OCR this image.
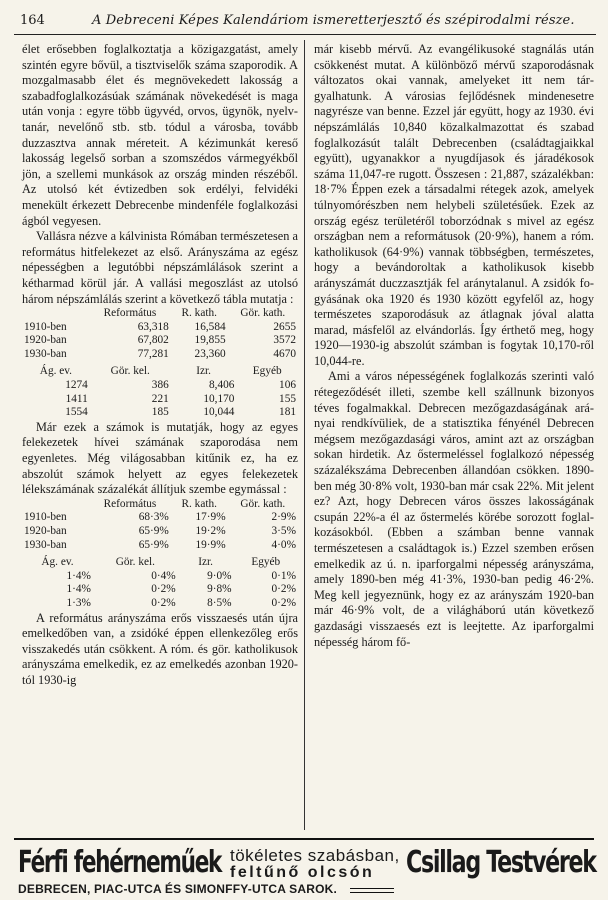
164	A Debreceni Képes Kalendáriom ismeretterjesztő és szépirodalmi része.

élet erősebben foglalkoztatja a közigazgatást, amely szintén egyre bővül, a tisztviselők száma szaporodik. A mozgalmasabb élet és megnövekedett lakosság a szabadfoglalkozásúak számának növekedését is maga után vonja : egyre több ügyvéd, orvos, ügynök, nyelvtanár, nevelőnő stb. stb. tódul a városba, tovább duzzasztva annak méreteit. A kézimunkát kereső lakosság legelső sorban a szomszédos vármegyékből jön, a szellemi munkások az ország minden részéből. Az utolsó két évtizedben sok erdélyi, felvidéki menekült érkezett Debrecenbe mindenféle foglalkozási ágból vegyesen.

Vallásra nézve a kálvinista Rómában természetesen a református hitfelekezet az első. Arányszáma az egész népességben a legutóbbi népszámlálások szerint a kétharmad körül jár. A vallási megoszlást az utolsó három népszámlálás szerint a következő tábla mutatja :

	Református	R. kath.	Gör. kath.
1910-ben	63,318	16,584	2655
1920-ban	67,802	19,855	3572
1930-ban	77,281	23,360	4670
Ág. ev.	Gör. kel.	Izr.	Egyéb
1274	386	8,406	106
1411	221	10,170	155
1554	185	10,044	181

Már ezek a számok is mutatják, hogy az egyes felekezetek hívei számának szaporodása nem egyenletes. Még világosabban kitűnik ez, ha ez abszolút számok helyett az egyes felekezetek lélekszámának százalékát állítjuk szembe egymással :

	Református	R. kath.	Gör. kath.
1910-ben	68·3%	17·9%	2·9%
1920-ban	65·9%	19·2%	3·5%
1930-ban	65·9%	19·9%	4·0%
Ág. ev.	Gör. kel.	Izr.	Egyéb
1·4%	0·4%	9·0%	0·1%
1·4%	0·2%	9·8%	0·2%
1·3%	0·2%	8·5%	0·2%

A református arányszáma erős visszaesés után újra emelkedőben van, a zsidóké éppen ellenkezőleg erős visszakedés után csökkent. A róm. és gör. katholikusok arányszáma emelkedik, ez az emelkedés azonban 1920-tól 1930-ig

már kisebb mérvű. Az evangélikusoké stagnálás után csökkenést mutat. A különböző mérvű szaporodásnak változatos okai vannak, amelyeket itt nem tárgyalhatunk. A városias fejlődésnek mindenesetre nagyrésze van benne. Ezzel jár együtt, hogy az 1930. évi népszámlálás 10,840 közalkalmazottat és szabad foglalkozásút talált Debrecenben (családtagjaikkal együtt), ugyanakkor a nyugdíjasok és járadékosok száma 11,047-re rugott. Összesen : 21,887, százalékban: 18·7% Éppen ezek a társadalmi rétegek azok, amelyek túlnyomórészben nem helybeli születésűek. Ezek az ország egész területéről toborzódnak s mivel az egész országban nem a reformátusok (20·9%), hanem a róm. katholikusok (64·9%) vannak többségben, természetes, hogy a bevándoroltak a katholikusok kisebb arányszámát duczzasztják fel aránytalanul. A zsidók fogyásának oka 1920 és 1930 között egyfelől az, hogy természetes szaporodásuk az átlagnak jóval alatta marad, másfelől az elvándorlás. Így érthető meg, hogy 1920—1930-ig abszolút számban is fogytak 10,170-ről 10,044-re.

Ami a város népességének foglalkozás szerinti való rétegeződését illeti, szembe kell szállnunk bizonyos téves fogalmakkal. Debrecen mezőgazdaságának arányai rendkívüliek, de a statisztika fényénél Debrecen mégsem mezőgazdasági város, amint azt az országban sokan hirdetik. Az őstermeléssel foglalkozó népesség százalékszáma Debrecenben állandóan csökken. 1890-ben még 30·8% volt, 1930-ban már csak 22%. Mit jelent ez? Azt, hogy Debrecen város összes lakosságának csupán 22%-a él az őstermelés körébe sorozott foglalkozásokból. (Ebben a számban benne vannak természetesen a családtagok is.) Ezzel szemben erősen emelkedik az ú. n. iparforgalmi népesség arányszáma, amely 1890-ben még 41·3%, 1930-ban pedig 46·2%. Meg kell jegyeznünk, hogy ez az arányszám 1920-ban már 46·9% volt, de a világháború után következő gazdasági visszaesés ezt is leejtette. Az iparforgalmi népesség három fő-

Férfi fehérneműek tökéletes szabásban,
feltűnő olcsón Csillag Testvérek
DEBRECEN, PIAC-UTCA ÉS SIMONFFY-UTCA SAROK.
